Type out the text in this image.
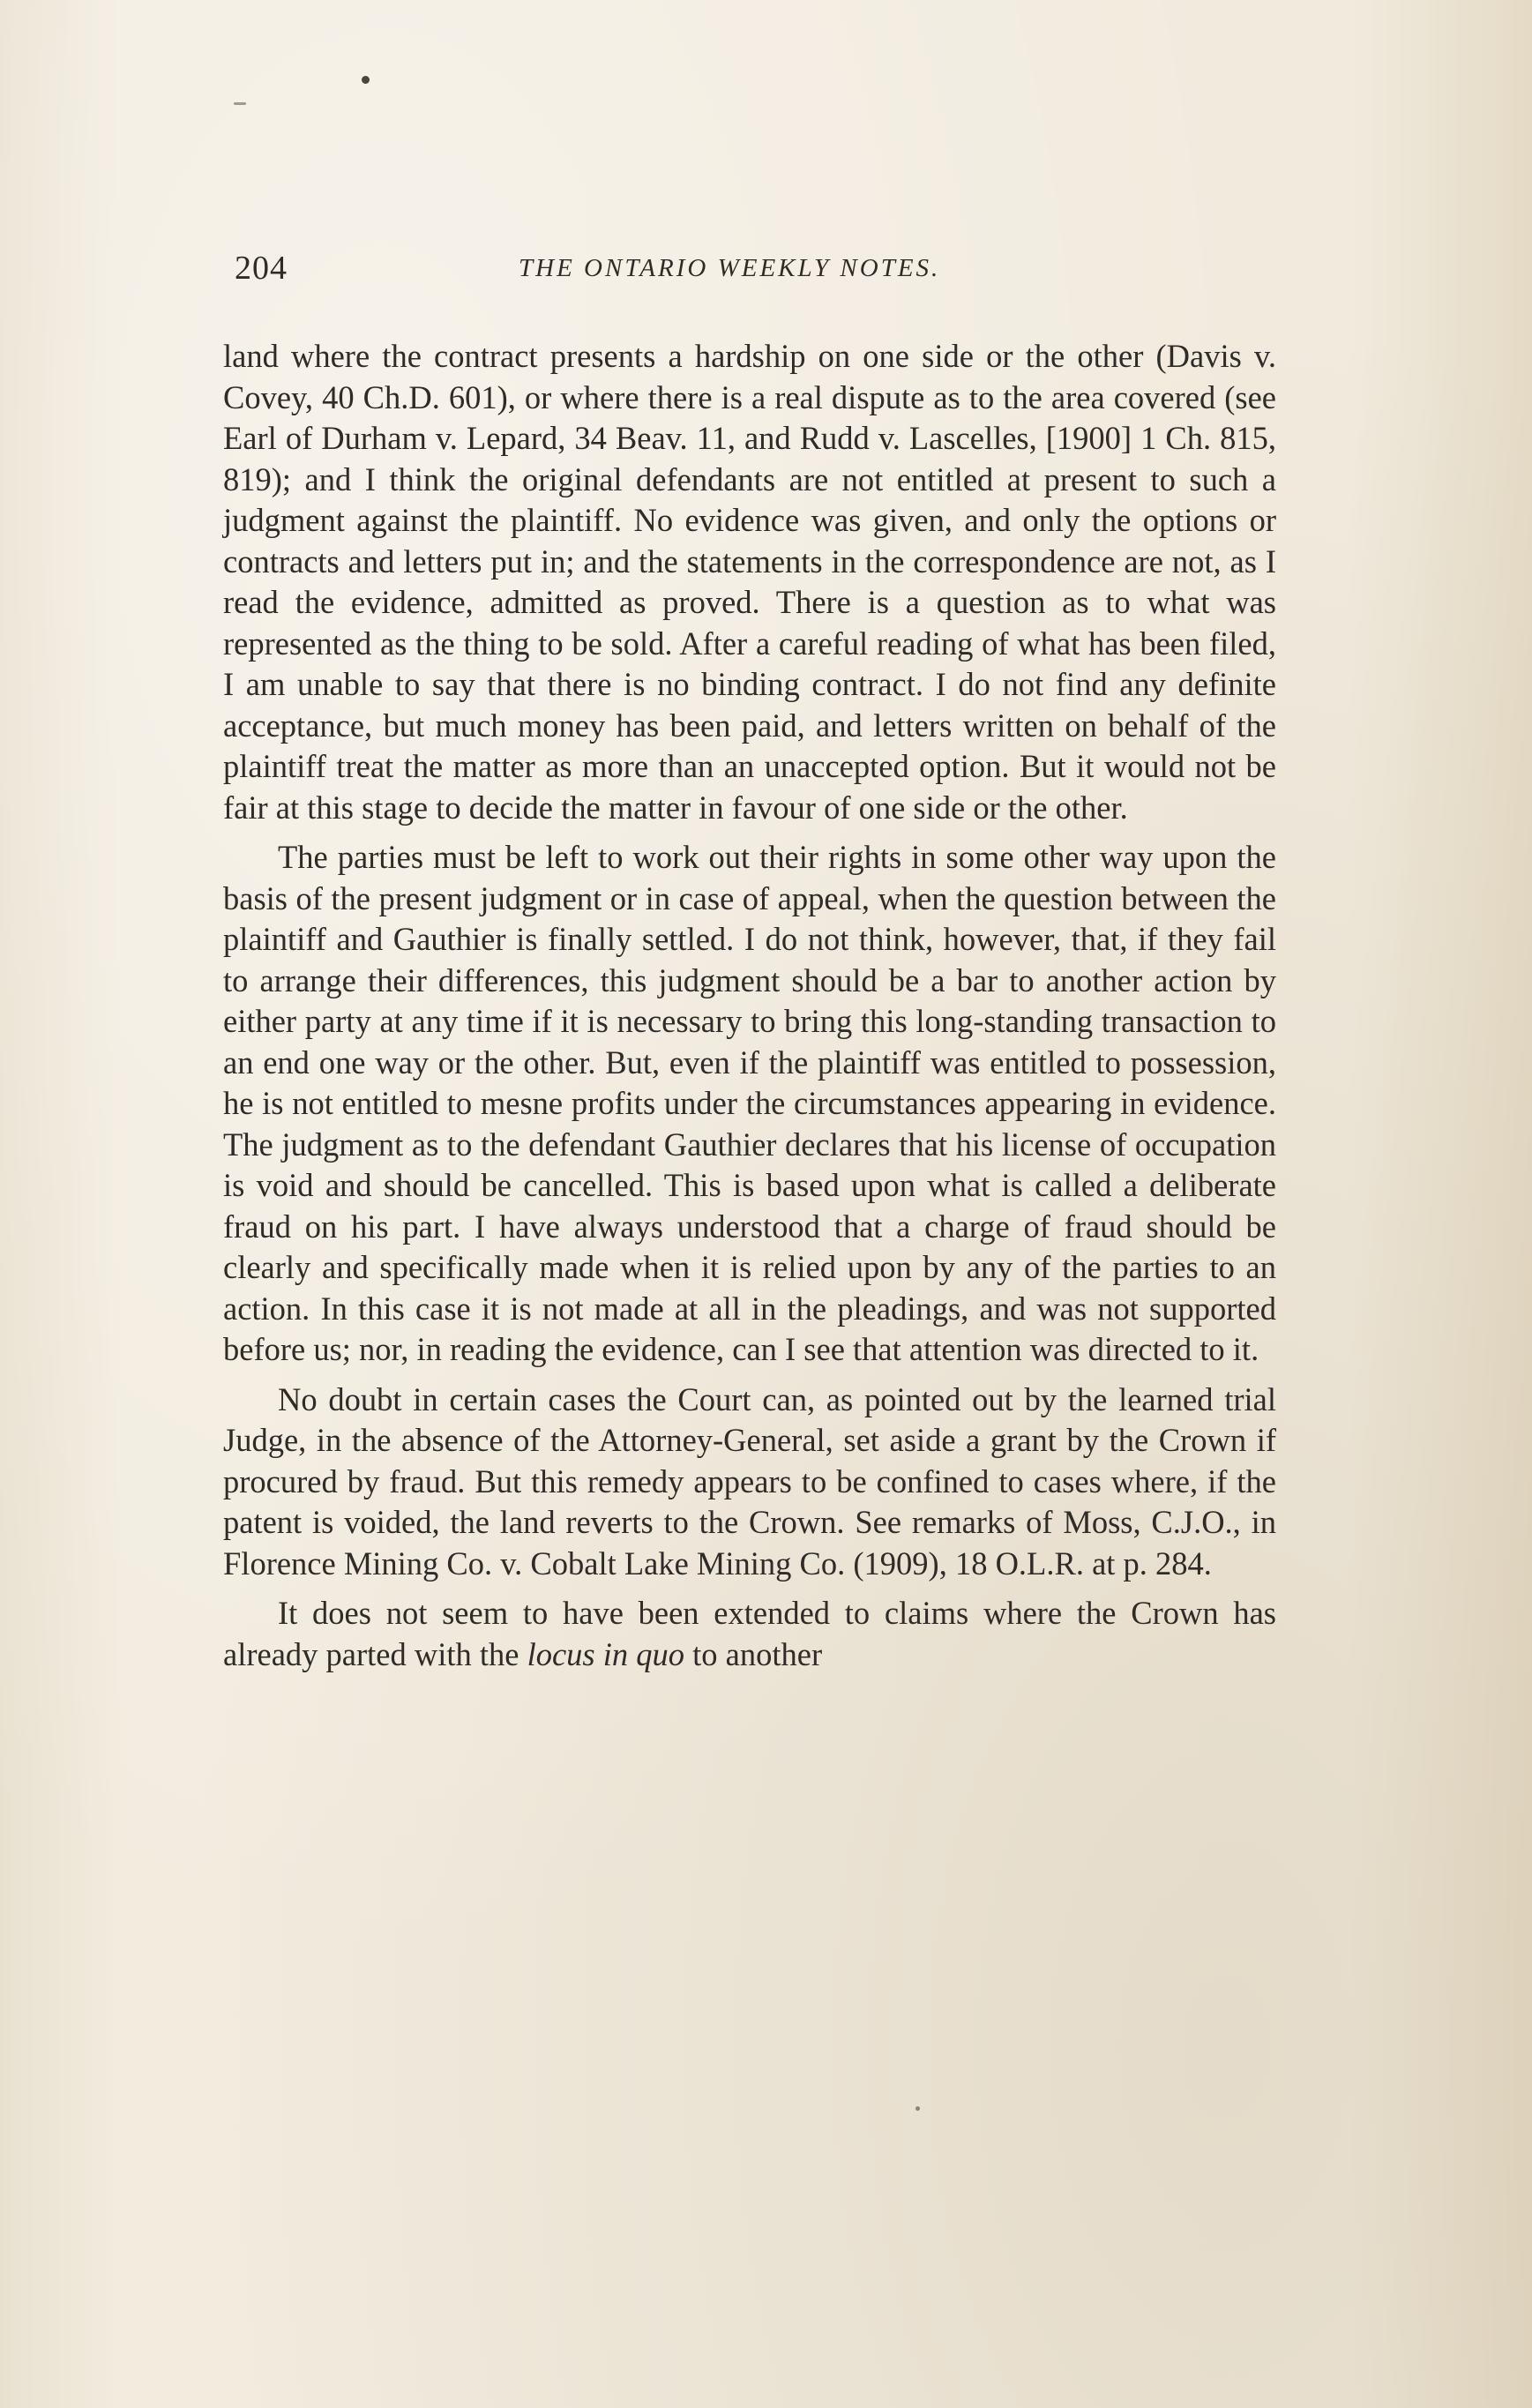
204	THE ONTARIO WEEKLY NOTES.

land where the contract presents a hardship on one side or the other (Davis v. Covey, 40 Ch.D. 601), or where there is a real dispute as to the area covered (see Earl of Durham v. Lepard, 34 Beav. 11, and Rudd v. Lascelles, [1900] 1 Ch. 815, 819); and I think the original defendants are not entitled at present to such a judgment against the plaintiff. No evidence was given, and only the options or contracts and letters put in; and the statements in the correspondence are not, as I read the evidence, admitted as proved. There is a question as to what was represented as the thing to be sold. After a careful reading of what has been filed, I am unable to say that there is no binding contract. I do not find any definite acceptance, but much money has been paid, and letters written on behalf of the plaintiff treat the matter as more than an unaccepted option. But it would not be fair at this stage to decide the matter in favour of one side or the other.

The parties must be left to work out their rights in some other way upon the basis of the present judgment or in case of appeal, when the question between the plaintiff and Gauthier is finally settled. I do not think, however, that, if they fail to arrange their differences, this judgment should be a bar to another action by either party at any time if it is necessary to bring this long-standing transaction to an end one way or the other. But, even if the plaintiff was entitled to possession, he is not entitled to mesne profits under the circumstances appearing in evidence. The judgment as to the defendant Gauthier declares that his license of occupation is void and should be cancelled. This is based upon what is called a deliberate fraud on his part. I have always understood that a charge of fraud should be clearly and specifically made when it is relied upon by any of the parties to an action. In this case it is not made at all in the pleadings, and was not supported before us; nor, in reading the evidence, can I see that attention was directed to it.

No doubt in certain cases the Court can, as pointed out by the learned trial Judge, in the absence of the Attorney-General, set aside a grant by the Crown if procured by fraud. But this remedy appears to be confined to cases where, if the patent is voided, the land reverts to the Crown. See remarks of Moss, C.J.O., in Florence Mining Co. v. Cobalt Lake Mining Co. (1909), 18 O.L.R. at p. 284.

It does not seem to have been extended to claims where the Crown has already parted with the locus in quo to another
